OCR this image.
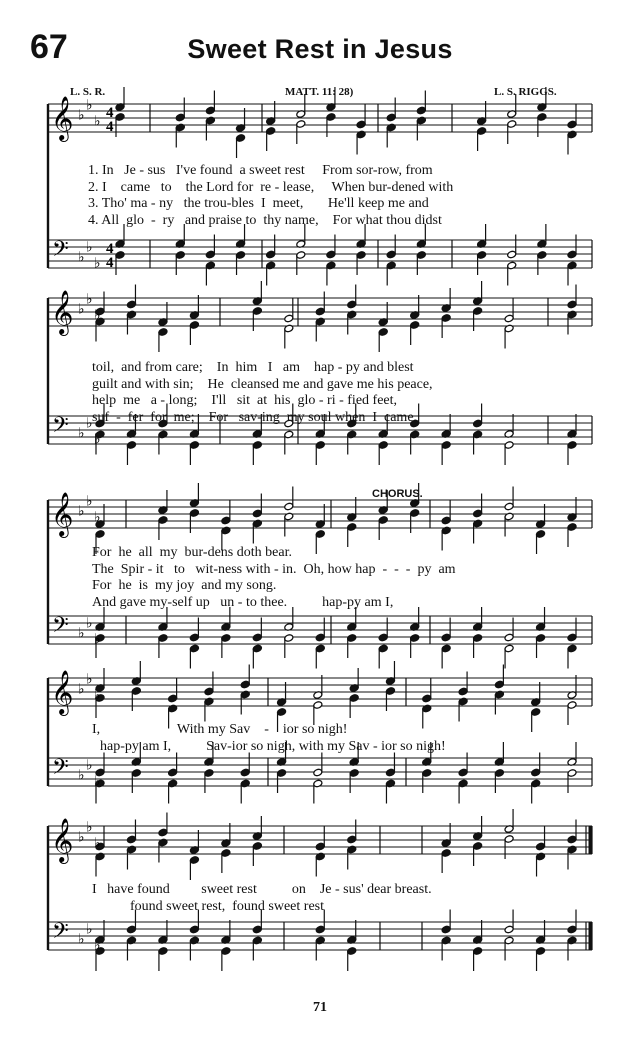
67	Sweet Rest in Jesus
L. S. R.	MATT. 11: 28)	L. S. RIGGS.
𝄞
𝄢
♭
♭
♭
♭
♭
♭
4
4
4
4
𝄞
𝄢
♭
♭
♭
♭
♭
♭
𝄞
𝄢
♭
♭
♭
♭
♭
♭
𝄞
𝄢
♭
♭
♭
♭
♭
♭
𝄞
𝄢
♭
♭
♭
♭
♭
♭
1. In   Je - sus   I've found  a sweet rest     From sor-row, from
2. I    came   to    the Lord for  re - lease,     When bur-dened with
3. Tho' ma - ny   the trou-bles  I  meet,       He'll keep me and
4. All  glo  -  ry   and praise to  thy name,    For what thou didst
toil,  and from care;    In  him   I   am    hap - py and blest
guilt and with sin;    He  cleansed me and gave me his peace,
help  me   a - long;    I'll   sit  at  his  glo - ri - fied feet,
suf  -  fer  for  me;    For   sav-ing  my soul when  I  came,
For  he  all  my  bur-dens doth bear.
The  Spir - it   to   wit-ness with - in.  Oh, how hap  -  -  -  py  am
For  he  is  my joy  and my song.
And gave my-self up   un - to thee.          hap-py am I,
I,                      With my Sav    -    ior so nigh!
hap-py am I,          Sav-ior so nigh, with my Sav - ior so nigh!
I   have found         sweet rest          on    Je - sus' dear breast.
found sweet rest,  found sweet rest
CHORUS.
71
